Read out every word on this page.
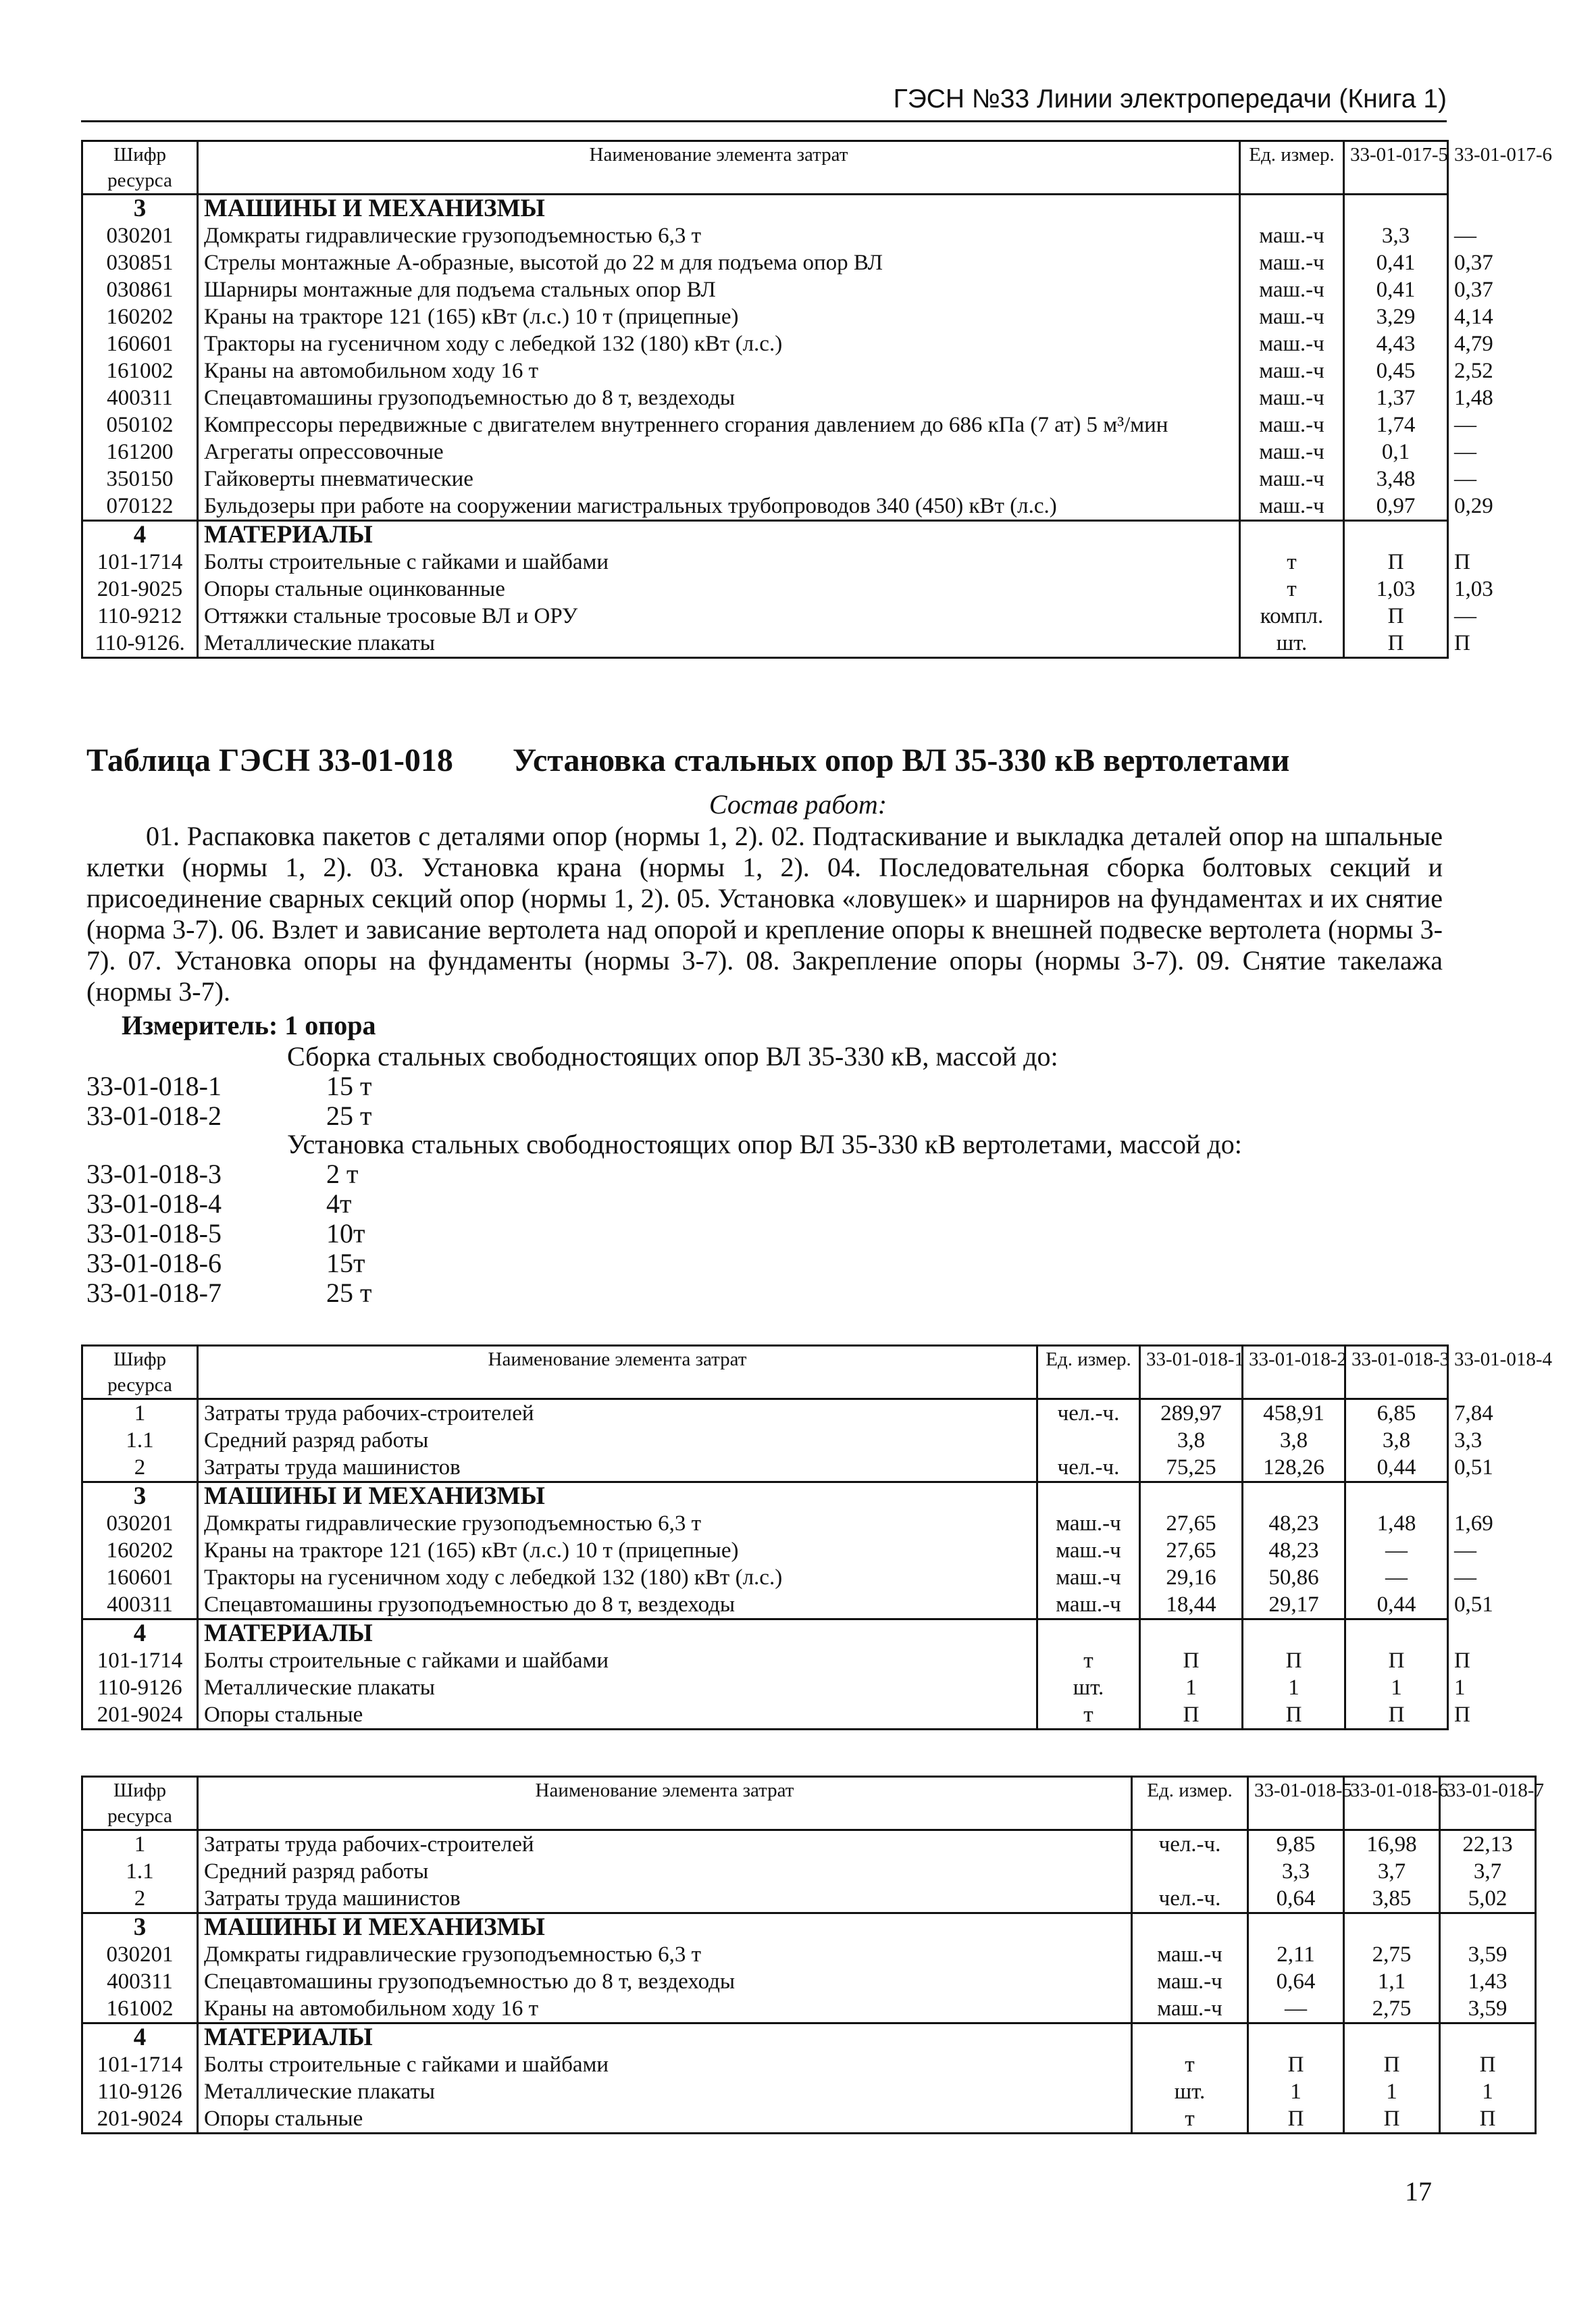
ГЭСН №33 Линии электропередачи (Книга 1)
Шифр ресурса	Наименование элемента затрат	Ед. измер.	33-01-017-5	33-01-017-6
3	МАШИНЫ И МЕХАНИЗМЫ			
030201	Домкраты гидравлические грузоподъемностью 6,3 т	маш.-ч	3,3	—
030851	Стрелы монтажные А-образные, высотой до 22 м для подъема опор ВЛ	маш.-ч	0,41	0,37
030861	Шарниры монтажные для подъема стальных опор ВЛ	маш.-ч	0,41	0,37
160202	Краны на тракторе 121 (165) кВт (л.с.) 10 т (прицепные)	маш.-ч	3,29	4,14
160601	Тракторы на гусеничном ходу с лебедкой 132 (180) кВт (л.с.)	маш.-ч	4,43	4,79
161002	Краны на автомобильном ходу 16 т	маш.-ч	0,45	2,52
400311	Спецавтомашины грузоподъемностью до 8 т, вездеходы	маш.-ч	1,37	1,48
050102	Компрессоры передвижные с двигателем внутреннего сгорания давлением до 686 кПа (7 ат) 5 м³/мин	маш.-ч	1,74	—
161200	Агрегаты опрессовочные	маш.-ч	0,1	—
350150	Гайковерты пневматические	маш.-ч	3,48	—
070122	Бульдозеры при работе на сооружении магистральных трубопроводов 340 (450) кВт (л.с.)	маш.-ч	0,97	0,29
4	МАТЕРИАЛЫ			
101-1714	Болты строительные с гайками и шайбами	т	П	П
201-9025	Опоры стальные оцинкованные	т	1,03	1,03
110-9212	Оттяжки стальные тросовые ВЛ и ОРУ	компл.	П	—
110-9126.	Металлические плакаты	шт.	П	П
Таблица ГЭСН 33-01-018 Установка стальных опор ВЛ 35-330 кВ вертолетами
Состав работ:
01. Распаковка пакетов с деталями опор (нормы 1, 2). 02. Подтаскивание и выкладка деталей опор на шпальные клетки (нормы 1, 2). 03. Установка крана (нормы 1, 2). 04. Последовательная сборка болтовых секций и присоединение сварных секций опор (нормы 1, 2). 05. Установка «ловушек» и шарниров на фундаментах и их снятие (норма 3-7). 06. Взлет и зависание вертолета над опорой и крепление опоры к внешней подвеске вертолета (нормы 3-7). 07. Установка опоры на фундаменты (нормы 3-7). 08. Закрепление опоры (нормы 3-7). 09. Снятие такелажа (нормы 3-7).
Измеритель: 1 опора
Сборка стальных свободностоящих опор ВЛ 35-330 кВ, массой до:
33-01-018-1	15 т
33-01-018-2	25 т
Установка стальных свободностоящих опор ВЛ 35-330 кВ вертолетами, массой до:
33-01-018-3	2 т
33-01-018-4	4т
33-01-018-5	10т
33-01-018-6	15т
33-01-018-7	25 т
Шифр ресурса	Наименование элемента затрат	Ед. измер.	33-01-018-1	33-01-018-2	33-01-018-3	33-01-018-4
1	Затраты труда рабочих-строителей	чел.-ч.	289,97	458,91	6,85	7,84
1.1	Средний разряд работы		3,8	3,8	3,8	3,3
2	Затраты труда машинистов	чел.-ч.	75,25	128,26	0,44	0,51
3	МАШИНЫ И МЕХАНИЗМЫ					
030201	Домкраты гидравлические грузоподъемностью 6,3 т	маш.-ч	27,65	48,23	1,48	1,69
160202	Краны на тракторе 121 (165) кВт (л.с.) 10 т (прицепные)	маш.-ч	27,65	48,23	—	—
160601	Тракторы на гусеничном ходу с лебедкой 132 (180) кВт (л.с.)	маш.-ч	29,16	50,86	—	—
400311	Спецавтомашины грузоподъемностью до 8 т, вездеходы	маш.-ч	18,44	29,17	0,44	0,51
4	МАТЕРИАЛЫ					
101-1714	Болты строительные с гайками и шайбами	т	П	П	П	П
110-9126	Металлические плакаты	шт.	1	1	1	1
201-9024	Опоры стальные	т	П	П	П	П
Шифр ресурса	Наименование элемента затрат	Ед. измер.	33-01-018-5	33-01-018-6	33-01-018-7
1	Затраты труда рабочих-строителей	чел.-ч.	9,85	16,98	22,13
1.1	Средний разряд работы		3,3	3,7	3,7
2	Затраты труда машинистов	чел.-ч.	0,64	3,85	5,02
3	МАШИНЫ И МЕХАНИЗМЫ				
030201	Домкраты гидравлические грузоподъемностью 6,3 т	маш.-ч	2,11	2,75	3,59
400311	Спецавтомашины грузоподъемностью до 8 т, вездеходы	маш.-ч	0,64	1,1	1,43
161002	Краны на автомобильном ходу 16 т	маш.-ч	—	2,75	3,59
4	МАТЕРИАЛЫ				
101-1714	Болты строительные с гайками и шайбами	т	П	П	П
110-9126	Металлические плакаты	шт.	1	1	1
201-9024	Опоры стальные	т	П	П	П
17
